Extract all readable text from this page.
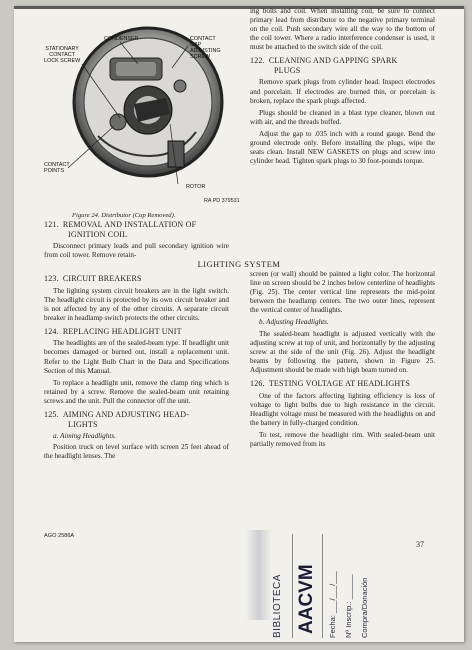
CONDENSER	CONTACT
GAP
ADJUSTING
SCREW
STATIONARY
CONTACT
LOCK SCREW
CONTACT
POINTS
ROTOR
RA PD 379531
Figure 24. Distributor (Cap Removed).
121. REMOVAL AND INSTALLATION OF
IGNITION COIL

Disconnect primary leads and pull secondary ignition wire from coil tower. Remove retain-

ing bolts and coil. When installing coil, be sure to connect primary lead from distributor to the negative primary terminal on the coil. Push secondary wire all the way to the bottom of the coil tower. Where a radio interference condenser is used, it must be attached to the switch side of the coil.

122. CLEANING AND GAPPING SPARK
PLUGS

Remove spark plugs from cylinder head. Inspect electrodes and porcelain. If electrodes are burned thin, or porcelain is broken, replace the spark plugs affected.

Plugs should be cleaned in a blast type cleaner, blown out with air, and the threads buffed.

Adjust the gap to .035 inch with a round gauge. Bend the ground electrode only. Before installing the plugs, wipe the seats clean. Install NEW GASKETS on plugs and screw into cylinder head. Tighten spark plugs to 30 foot-pounds torque.

LIGHTING SYSTEM
123. CIRCUIT BREAKERS

The lighting system circuit breakers are in the light switch. The headlight circuit is protected by its own circuit breaker and is not affected by any of the other circuits. A separate circuit breaker in headlamp switch protects the other circuits.

124. REPLACING HEADLIGHT UNIT

The headlights are of the sealed-beam type. If headlight unit becomes damaged or burned out, install a replacement unit. Refer to the Light Bulb Chart in the Data and Specifications Section of this Manual.

To replace a headlight unit, remove the clamp ring which is retained by a screw. Remove the sealed-beam unit retaining screws and the unit. Pull the connector off the unit.

125. AIMING AND ADJUSTING HEAD-
LIGHTS
a. Aiming Headlights.

Position truck on level surface with screen 25 feet ahead of the headlight lenses. The

screen (or wall) should be painted a light color. The horizontal line on screen should be 2 inches below centerline of headlights (Fig. 25). The center vertical line represents the mid-point between the headlamp centers. The two outer lines, represent the vertical center of headlights.

b. Adjusting Headlights.

The sealed-beam headlight is adjusted vertically with the adjusting screw at top of unit, and horizontally by the adjusting screw at the side of the unit (Fig. 26). Adjust the headlight beams by following the pattern, shown in Figure 25. Adjustment should be made with high beam turned on.

126. TESTING VOLTAGE AT HEADLIGHTS

One of the factors affecting lighting efficiency is loss of voltage to light bulbs due to high resistance in the circuit. Headlight voltage must be measured with the headlights on and the battery in fully-charged condition.

To test, remove the headlight rim. With sealed-beam unit partially removed from its

AGO 2586A
37
BIBLIOTECA AACVM Fecha: ___/___/___ Nº Inscrip.: ______ Compra/Donación
